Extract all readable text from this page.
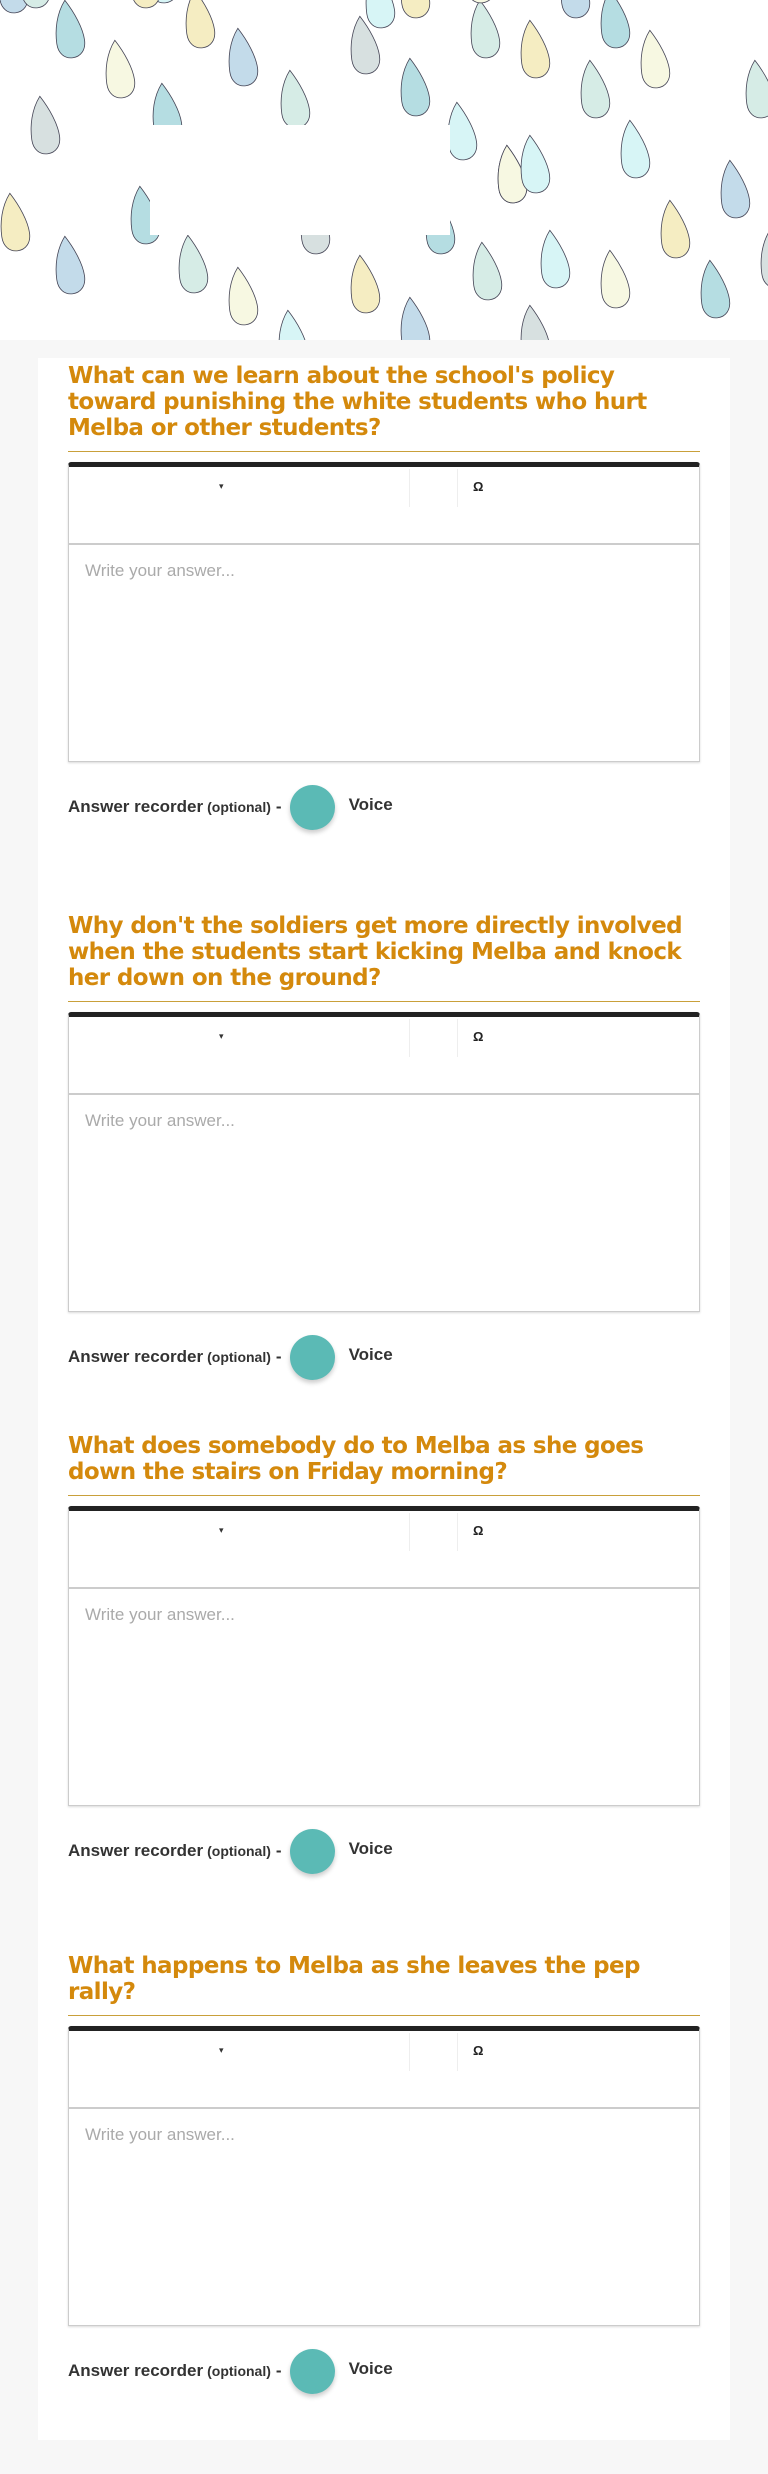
What can we learn about the school's policy toward punishing the white students who hurt Melba or other students?
▾	Ω
Write your answer...
Answer recorder (optional) -	Voice
Why don't the soldiers get more directly involved when the students start kicking Melba and knock her down on the ground?
▾	Ω
Write your answer...
Answer recorder (optional) -	Voice
What does somebody do to Melba as she goes down the stairs on Friday morning?
▾	Ω
Write your answer...
Answer recorder (optional) -	Voice
What happens to Melba as she leaves the pep rally?
▾	Ω
Write your answer...
Answer recorder (optional) -	Voice
